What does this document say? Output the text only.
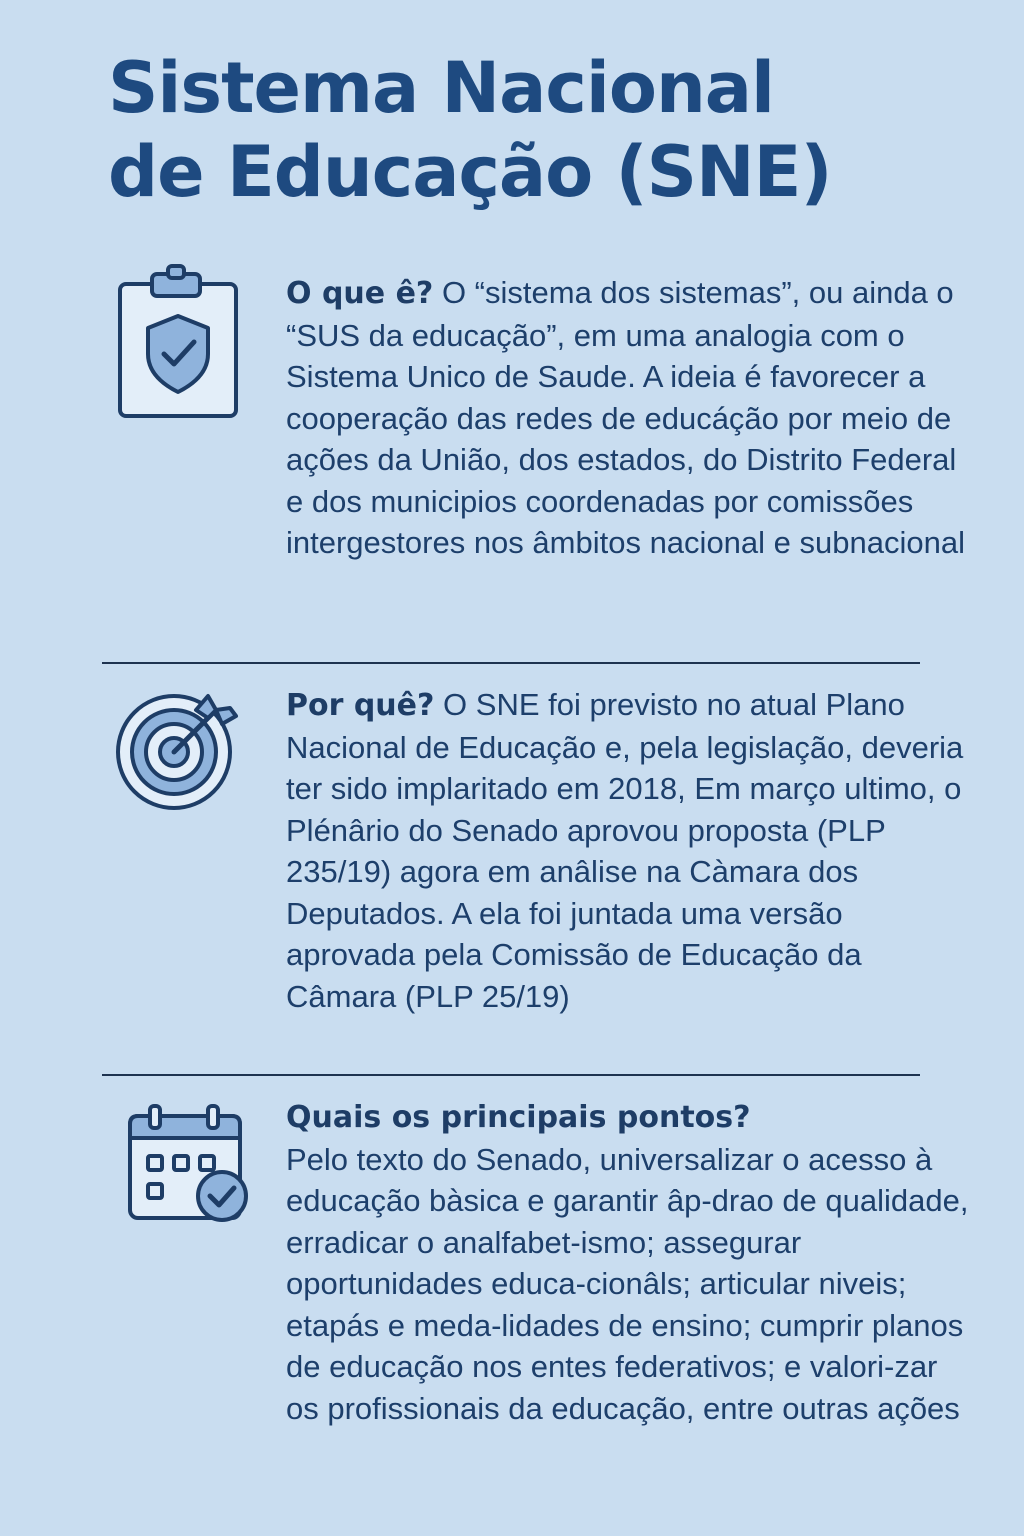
Sistema Nacional
de Educação (SNE)

O que ê? O “sistema dos sistemas”, ou ainda o “SUS da educação”, em uma analogia com o Sistema Unico de Saude. A ideia é favorecer a cooperação das redes de educáção por meio de ações da União, dos estados, do Distrito Federal e dos municipios coordenadas por comissões intergestores nos âmbitos nacional e subnacional

Por quê? O SNE foi previsto no atual Plano Nacional de Educação e, pela legislação, deveria ter sido implaritado em 2018, Em março ultimo, o Plénârio do Senado aprovou proposta (PLP 235/19) agora em anâlise na Càmara dos Deputados. A ela foi juntada uma versão aprovada pela Comissão de Educação da Câmara (PLP 25/19)

Quais os principais pontos?
Pelo texto do Senado, universalizar o acesso à educação bàsica e garantir âp-drao de qualidade, erradicar o analfabet-ismo; assegurar oportunidades educa-cionâls; articular niveis; etapás e meda-lidades de ensino; cumprir planos de educação nos entes federativos; e valori-zar os profissionais da educação, entre outras ações
